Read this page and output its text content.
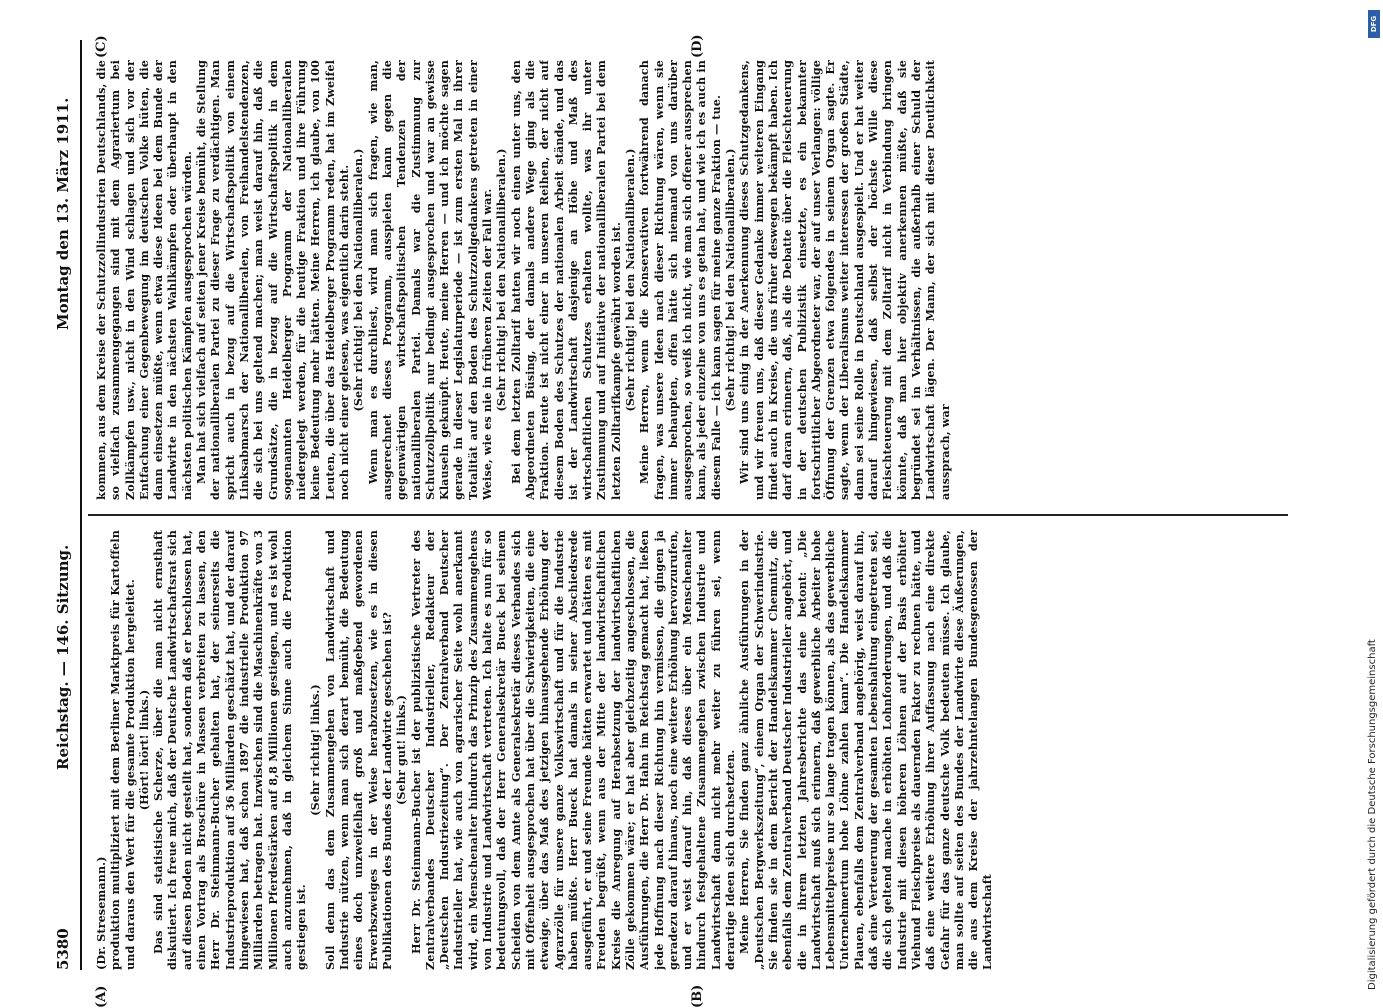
5380
Reichstag. — 146. Sitzung.
Montag den 13. März 1911.

(Dr. Stresemann.) produktion multipliziert mit dem Berliner Marktpreis für Kartoffeln und daraus den Wert für die gesamte Produktion hergeleitet. (Hört! hört! links.) Das sind statistische Scherze, über die man nicht ernsthaft diskutiert. Ich freue mich, daß der Deutsche Landwirtschaftsrat sich auf diesen Boden nicht gestellt hat, sondern daß er beschlossen hat, einen Vortrag als Broschüre in Massen verbreiten zu lassen, den Herr Dr. Steinmann-Bucher gehalten hat, der seinerseits die Industrieproduktion auf 36 Milliarden geschätzt hat, und der darauf hingewiesen hat, daß schon 1897 die industrielle Produktion 97 Milliarden betragen hat. Inzwischen sind die Maschinenkräfte von 3 Millionen Pferdestärken auf 8,8 Millionen gestiegen, und es ist wohl auch anzunehmen, daß in gleichem Sinne auch die Produktion gestiegen ist.

(Sehr richtig! links.) Soll denn das dem Zusammengehen von Landwirtschaft und Industrie nützen, wenn man sich derart bemüht, die Bedeutung eines doch unzweifelhaft groß und maßgebend gewordenen Erwerbszweiges in der Weise herabzusetzen, wie es in diesen Publikationen des Bundes der Landwirte geschehen ist? (Sehr gut! links.) Herr Dr. Steinmann-Bucher ist der publizistische Vertreter des Zentralverbandes Deutscher Industrieller, Redakteur der „Deutschen Industriezeitung“. Der Zentralverband Deutscher Industrieller hat, wie auch von agrarischer Seite wohl anerkannt wird, ein Menschenalter hindurch das Prinzip des Zusammengehens von Industrie und Landwirtschaft vertreten. Ich halte es nun für so bedeutungsvoll, daß der Herr Generalsekretär Bueck bei seinem Scheiden von dem Amte als Generalsekretär dieses Verbandes sich mit Offenheit ausgesprochen hat über die Schwierigkeiten, die eine etwaige, über das Maß des jetzigen hinausgehende Erhöhung der Agrarzölle für unsere ganze Volkswirtschaft und für die Industrie haben müßte. Herr Bueck hat damals in seiner Abschiedsrede ausgeführt, er und seine Freunde hätten erwartet und hätten es mit Freuden begrüßt, wenn aus der Mitte der landwirtschaftlichen Kreise die Anregung auf Herabsetzung der landwirtschaftlichen Zölle gekommen wäre; er hat aber gleichzeitig angeschlossen, die Ausführungen, die Herr Dr. Hahn im Reichstag gemacht hat, ließen jede Hoffnung nach dieser Richtung hin vermissen, die gingen ja geradezu darauf hinaus, noch eine weitere Erhöhung hervorzurufen, und er weist darauf hin, daß dieses über ein Menschenalter hindurch festgehaltene Zusammengehen zwischen Industrie und Landwirtschaft dann nicht mehr weiter zu führen sei, wenn derartige Ideen sich durchsetzten. Meine Herren, Sie finden ganz ähnliche Ausführungen in der „Deutschen Bergwerkszeitung“, einem Organ der Schwerindustrie. Sie finden sie in dem Bericht der Handelskammer Chemnitz, die ebenfalls dem Zentralverband Deutscher Industrieller angehört, und die in ihrem letzten Jahresberichte das eine betont: „Die Landwirtschaft muß sich erinnern, daß gewerbliche Arbeiter hohe Lebensmittelpreise nur so lange tragen können, als das gewerbliche Unternehmertum hohe Löhne zahlen kann“. Die Handelskammer Plauen, ebenfalls dem Zentralverband angehörig, weist darauf hin, daß eine Verteuerung der gesamten Lebenshaltung eingetreten sei, die sich geltend mache in erhöhten Lohnforderungen, und daß die Industrie mit diesen höheren Löhnen auf der Basis erhöhter Viehund Fleischpreise als dauernden Faktor zu rechnen hätte, und daß eine weitere Erhöhung ihrer Auffassung nach eine direkte Gefahr für das ganze deutsche Volk bedeuten müsse. Ich glaube, man sollte auf seiten des Bundes der Landwirte diese Äußerungen, die aus dem Kreise der jahrzehntelangen Bundesgenossen der Landwirtschaft

kommen, aus dem Kreise der Schutzzollindustrien Deutschlands, die so vielfach zusammengegangen sind mit dem Agrariertum bei Zollkämpfen usw., nicht in den Wind schlagen und sich vor der Entfachung einer Gegenbewegung im deutschen Volke hüten, die dann einsetzen müßte, wenn etwa diese Ideen bei dem Bunde der Landwirte in den nächsten Wahlkämpfen oder überhaupt in den nächsten politischen Kämpfen ausgesprochen würden. Man hat sich vielfach auf seiten jener Kreise bemüht, die Stellung der nationalliberalen Partei zu dieser Frage zu verdächtigen. Man spricht auch in bezug auf die Wirtschaftspolitik von einem Linksabmarsch der Nationalliberalen, von Freihandelstendenzen, die sich bei uns geltend machen; man weist darauf hin, daß die Grundsätze, die in bezug auf die Wirtschaftspolitik in dem sogenannten Heidelberger Programm der Nationalliberalen niedergelegt werden, für die heutige Fraktion und ihre Führung keine Bedeutung mehr hätten. Meine Herren, ich glaube, von 100 Leuten, die über das Heidelberger Programm reden, hat im Zweifel noch nicht einer gelesen, was eigentlich darin steht. (Sehr richtig! bei den Nationalliberalen.) Wenn man es durchliest, wird man sich fragen, wie man, ausgerechnet dieses Programm, ausspielen kann gegen die gegenwärtigen wirtschaftspolitischen Tendenzen der nationalliberalen Partei. Damals war die Zustimmung zur Schutzzollpolitik nur bedingt ausgesprochen und war an gewisse Klauseln geknüpft. Heute, meine Herren — und ich möchte sagen gerade in dieser Legislaturperiode — ist zum ersten Mal in ihrer Totalität auf den Boden des Schutzzollgedankens getreten in einer Weise, wie es nie in früheren Zeiten der Fall war. (Sehr richtig! bei den Nationalliberalen.) Bei dem letzten Zolltarif hatten wir noch einen unter uns, den Abgeordneten Büsing, der damals andere Wege ging als die Fraktion. Heute ist nicht einer in unseren Reihen, der nicht auf diesem Boden des Schutzes der nationalen Arbeit stände, und das ist der Landwirtschaft dasjenige an Höhe und Maß des wirtschaftlichen Schutzes erhalten wollte, was ihr unter Zustimmung und auf Initiative der nationalliberalen Partei bei dem letzten Zolltarifkampfe gewährt worden ist. (Sehr richtig! bei den Nationalliberalen.) Meine Herren, wenn die Konservativen fortwährend danach fragen, was unsere Ideen nach dieser Richtung wären, wenn sie immer behaupten, offen hätte sich niemand von uns darüber ausgesprochen, so weiß ich nicht, wie man sich offener aussprechen kann, als jeder einzelne von uns es getan hat, und wie ich es auch in diesem Falle — ich kann sagen für meine ganze Fraktion — tue. (Sehr richtig! bei den Nationalliberalen.) Wir sind uns einig in der Anerkennung dieses Schutzgedankens, und wir freuen uns, daß dieser Gedanke immer weiteren Eingang findet auch in Kreise, die uns früher deswegen bekämpft haben. Ich darf daran erinnern, daß, als die Debatte über die Fleischteuerung in der deutschen Publizistik einsetzte, es ein bekannter fortschrittlicher Abgeordneter war, der auf unser Verlangen: völlige Öffnung der Grenzen etwa folgendes in seinem Organ sagte. Er sagte, wenn der Liberalismus weiter interessen der großen Städte, dann sei seine Rolle in Deutschland ausgespielt. Und er hat weiter darauf hingewiesen, daß selbst der höchste Wille diese Fleischteuerung mit dem Zolltarif nicht in Verbindung bringen könnte, daß man hier objektiv anerkennen müßte, daß sie begründet sei in Verhältnissen, die außerhalb einer Schuld der Landwirtschaft lägen. Der Mann, der sich mit dieser Deutlichkeit aussprach, war

(A)	(B)
(C)	(D)
DFG
Digitalisierung gefördert durch die Deutsche Forschungsgemeinschaft
